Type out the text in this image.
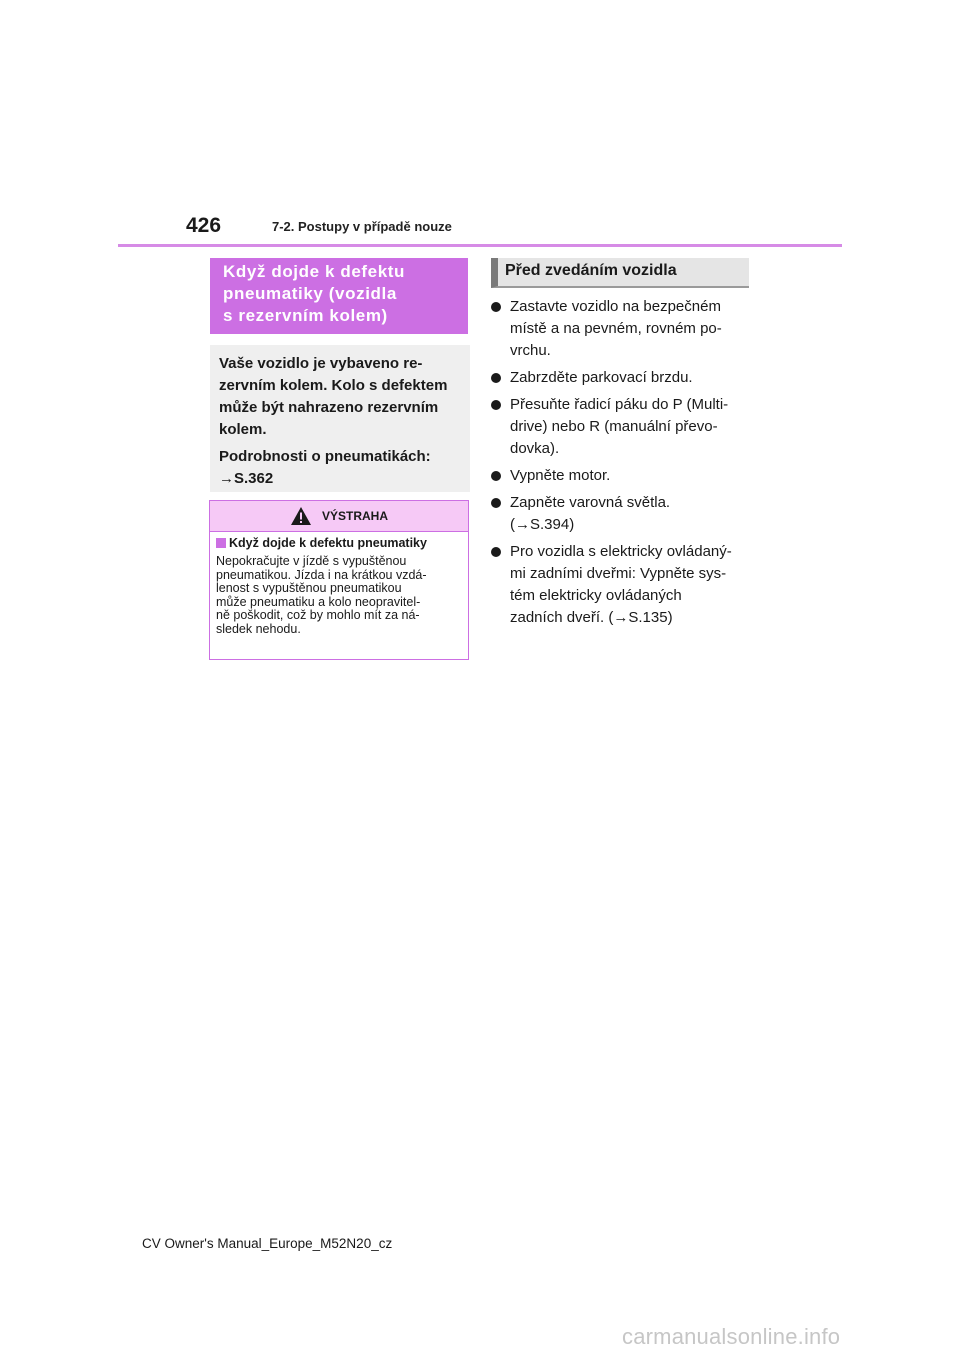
426	7-2. Postupy v případě nouze
Když dojde k defektu
pneumatiky (vozidla
s rezervním kolem)

Vaše vozidlo je vybaveno re-

zervním kolem. Kolo s defektem

může být nahrazeno rezervním

kolem.

Podrobnosti o pneumatikách:

→S.362

VÝSTRAHA
Když dojde k defektu pneumatiky
Nepokračujte v jízdě s vypuštěnou
pneumatikou. Jízda i na krátkou vzdá-
lenost s vypuštěnou pneumatikou
může pneumatiku a kolo neopravitel-
ně poškodit, což by mohlo mít za ná-
sledek nehodu.
Před zvedáním vozidla
Zastavte vozidlo na bezpečném
místě a na pevném, rovném po-
vrchu.
Zabrzděte parkovací brzdu.
Přesuňte řadicí páku do P (Multi-
drive) nebo R (manuální převo-
dovka).
Vypněte motor.
Zapněte varovná světla.
(→S.394)
Pro vozidla s elektricky ovládaný-
mi zadními dveřmi: Vypněte sys-
tém elektricky ovládaných
zadních dveří. (→S.135)
CV Owner's Manual_Europe_M52N20_cz
carmanualsonline.info
